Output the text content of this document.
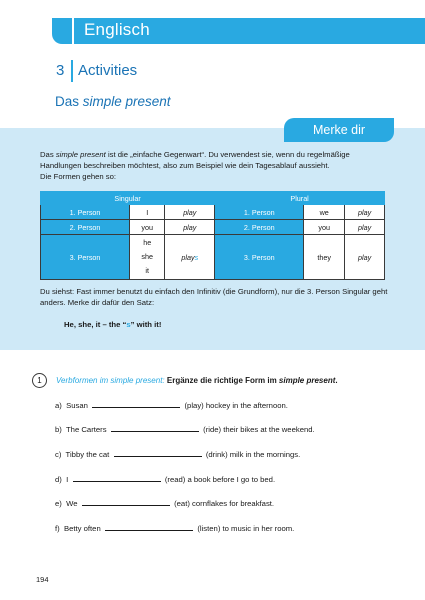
Englisch
3 Activities
Das simple present
Merke dir
Das simple present ist die „einfache Gegenwart“. Du verwendest sie, wenn du regelmäßige Handlungen beschreiben möchtest, also zum Beispiel wie dein Tagesablauf aussieht.
Die Formen gehen so:
Singular			Plural		
1. Person	I	play	1. Person	we	play
2. Person	you	play	2. Person	you	play
3. Person	he
she
it	plays	3. Person	they	play
Du siehst: Fast immer benutzt du einfach den Infinitiv (die Grundform), nur die 3. Person Singular geht anders. Merke dir dafür den Satz:
He, she, it – the “s” with it!
1	Verbformen im simple present: Ergänze die richtige Form im simple present.
a) Susan	(play) hockey in the afternoon.
b) The Carters	(ride) their bikes at the weekend.
c) Tibby the cat	(drink) milk in the mornings.
d) I	(read) a book before I go to bed.
e) We	(eat) cornflakes for breakfast.
f) Betty often	(listen) to music in her room.
194
